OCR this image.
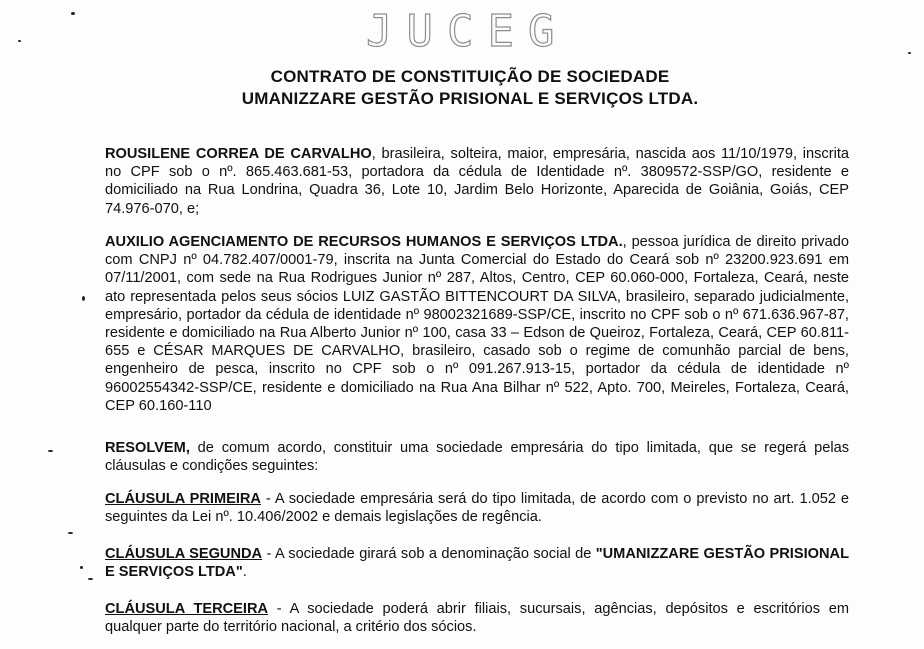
JUCEG
CONTRATO DE CONSTITUIÇÃO DE SOCIEDADE
UMANIZZARE GESTÃO PRISIONAL E SERVIÇOS LTDA.
ROUSILENE CORREA DE CARVALHO, brasileira, solteira, maior, empresária, nascida aos 11/10/1979, inscrita no CPF sob o nº. 865.463.681-53, portadora da cédula de Identidade nº. 3809572-SSP/GO, residente e domiciliado na Rua Londrina, Quadra 36, Lote 10, Jardim Belo Horizonte, Aparecida de Goiânia, Goiás, CEP 74.976-070, e;
AUXILIO AGENCIAMENTO DE RECURSOS HUMANOS E SERVIÇOS LTDA., pessoa jurídica de direito privado com CNPJ nº 04.782.407/0001-79, inscrita na Junta Comercial do Estado do Ceará sob nº 23200.923.691 em 07/11/2001, com sede na Rua Rodrigues Junior nº 287, Altos, Centro, CEP 60.060-000, Fortaleza, Ceará, neste ato representada pelos seus sócios LUIZ GASTÃO BITTENCOURT DA SILVA, brasileiro, separado judicialmente, empresário, portador da cédula de identidade nº 98002321689-SSP/CE, inscrito no CPF sob o nº 671.636.967-87, residente e domiciliado na Rua Alberto Junior nº 100, casa 33 – Edson de Queiroz, Fortaleza, Ceará, CEP 60.811-655 e CÉSAR MARQUES DE CARVALHO, brasileiro, casado sob o regime de comunhão parcial de bens, engenheiro de pesca, inscrito no CPF sob o nº 091.267.913-15, portador da cédula de identidade nº 96002554342-SSP/CE, residente e domiciliado na Rua Ana Bilhar nº 522, Apto. 700, Meireles, Fortaleza, Ceará, CEP 60.160-110
RESOLVEM, de comum acordo, constituir uma sociedade empresária do tipo limitada, que se regerá pelas cláusulas e condições seguintes:
CLÁUSULA PRIMEIRA - A sociedade empresária será do tipo limitada, de acordo com o previsto no art. 1.052 e seguintes da Lei nº. 10.406/2002 e demais legislações de regência.
CLÁUSULA SEGUNDA - A sociedade girará sob a denominação social de "UMANIZZARE GESTÃO PRISIONAL E SERVIÇOS LTDA".
CLÁUSULA TERCEIRA - A sociedade poderá abrir filiais, sucursais, agências, depósitos e escritórios em qualquer parte do território nacional, a critério dos sócios.
